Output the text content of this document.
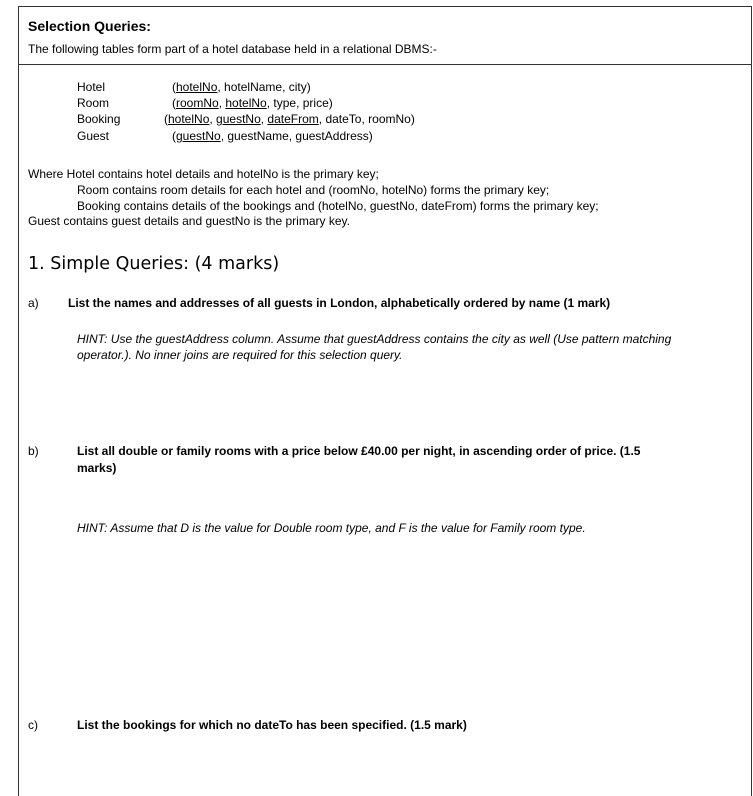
Selection Queries:
The following tables form part of a hotel database held in a relational DBMS:-
Hotel	(hotelNo, hotelName, city)
Room	(roomNo, hotelNo, type, price)
Booking	(hotelNo, guestNo, dateFrom, dateTo, roomNo)
Guest	(guestNo, guestName, guestAddress)
Where Hotel contains hotel details and hotelNo is the primary key;
Room contains room details for each hotel and (roomNo, hotelNo) forms the primary key;
Booking contains details of the bookings and (hotelNo, guestNo, dateFrom) forms the primary key;
Guest contains guest details and guestNo is the primary key.
1. Simple Queries: (4 marks)
a) List the names and addresses of all guests in London, alphabetically ordered by name (1 mark)
HINT: Use the guestAddress column. Assume that guestAddress contains the city as well (Use pattern matching operator.). No inner joins are required for this selection query.
b)	List all double or family rooms with a price below £40.00 per night, in ascending order of price. (1.5
marks)
HINT: Assume that D is the value for Double room type, and F is the value for Family room type.
c)	List the bookings for which no dateTo has been specified. (1.5 mark)
